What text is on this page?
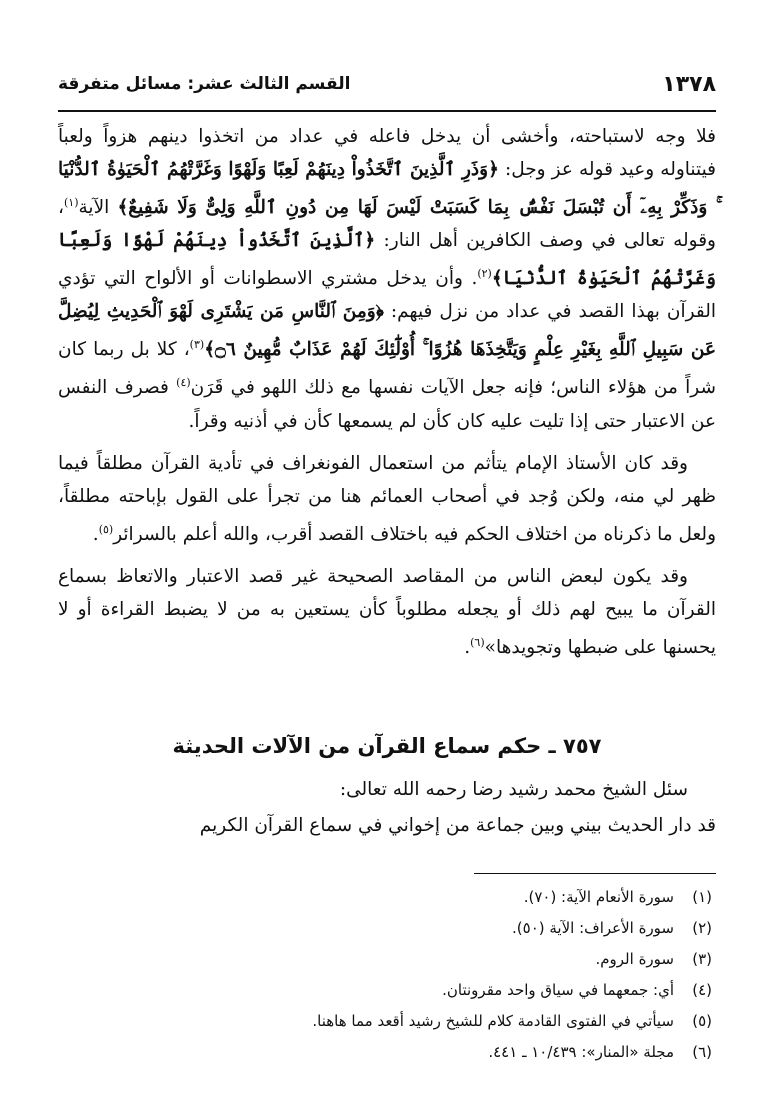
١٣٧٨
القسم الثالث عشر: مسائل متفرقة

فلا وجه لاستباحته، وأخشى أن يدخل فاعله في عداد من اتخذوا دينهم هزواً ولعباً فيتناوله وعيد قوله عز وجل: ﴿وَذَرِ ٱلَّذِينَ ٱتَّخَذُواْ دِينَهُمْ لَعِبًا وَلَهْوًا وَغَرَّتْهُمُ ٱلْحَيَوٰةُ ٱلدُّنْيَا ۚ وَذَكِّرْ بِهِۦٓ أَن تُبْسَلَ نَفْسٌۢ بِمَا كَسَبَتْ لَيْسَ لَهَا مِن دُونِ ٱللَّهِ وَلِىٌّ وَلَا شَفِيعٌ﴾ الآية$^{(١)}$، وقوله تعالى في وصف الكافرين أهل النار: ﴿ٱلَّذِينَ ٱتَّخَذُواْ دِينَهُمْ لَهْوًا وَلَعِبًا وَغَرَّتْهُمُ ٱلْحَيَوٰةُ ٱلدُّنْيَا﴾$^{(٢)}$. وأن يدخل مشتري الاسطوانات أو الألواح التي تؤدي القرآن بهذا القصد في عداد من نزل فيهم: ﴿وَمِنَ ٱلنَّاسِ مَن يَشْتَرِى لَهْوَ ٱلْحَدِيثِ لِيُضِلَّ عَن سَبِيلِ ٱللَّهِ بِغَيْرِ عِلْمٍ وَيَتَّخِذَهَا هُزُوًا ۚ أُوْلَٰٓئِكَ لَهُمْ عَذَابٌ مُّهِينٌ ۝٦﴾$^{(٣)}$، كلا بل ربما كان شراً من هؤلاء الناس؛ فإنه جعل الآيات نفسها مع ذلك اللهو في قَرَن$^{(٤)}$ فصرف النفس عن الاعتبار حتى إذا تليت عليه كان كأن لم يسمعها كأن في أذنيه وقراً.

وقد كان الأستاذ الإمام يتأثم من استعمال الفونغراف في تأدية القرآن مطلقاً فيما ظهر لي منه، ولكن وُجد في أصحاب العمائم هنا من تجرأ على القول بإباحته مطلقاً، ولعل ما ذكرناه من اختلاف الحكم فيه باختلاف القصد أقرب، والله أعلم بالسرائر$^{(٥)}$.

وقد يكون لبعض الناس من المقاصد الصحيحة غير قصد الاعتبار والاتعاظ بسماع القرآن ما يبيح لهم ذلك أو يجعله مطلوباً كأن يستعين به من لا يضبط القراءة أو لا يحسنها على ضبطها وتجويدها»$^{(٦)}$.

٧٥٧ ـ حكم سماع القرآن من الآلات الحديثة

سئل الشيخ محمد رشيد رضا رحمه الله تعالى:

قد دار الحديث بيني وبين جماعة من إخواني في سماع القرآن الكريم

(١)
سورة الأنعام الآية: (٧٠).
(٢)
سورة الأعراف: الآية (٥٠).
(٣)
سورة الروم.
(٤)
أي: جمعهما في سياق واحد مقرونتان.
(٥)
سيأتي في الفتوى القادمة كلام للشيخ رشيد أقعد مما هاهنا.
(٦)
مجلة «المنار»: ١٠/٤٣٩ ـ ٤٤١.
